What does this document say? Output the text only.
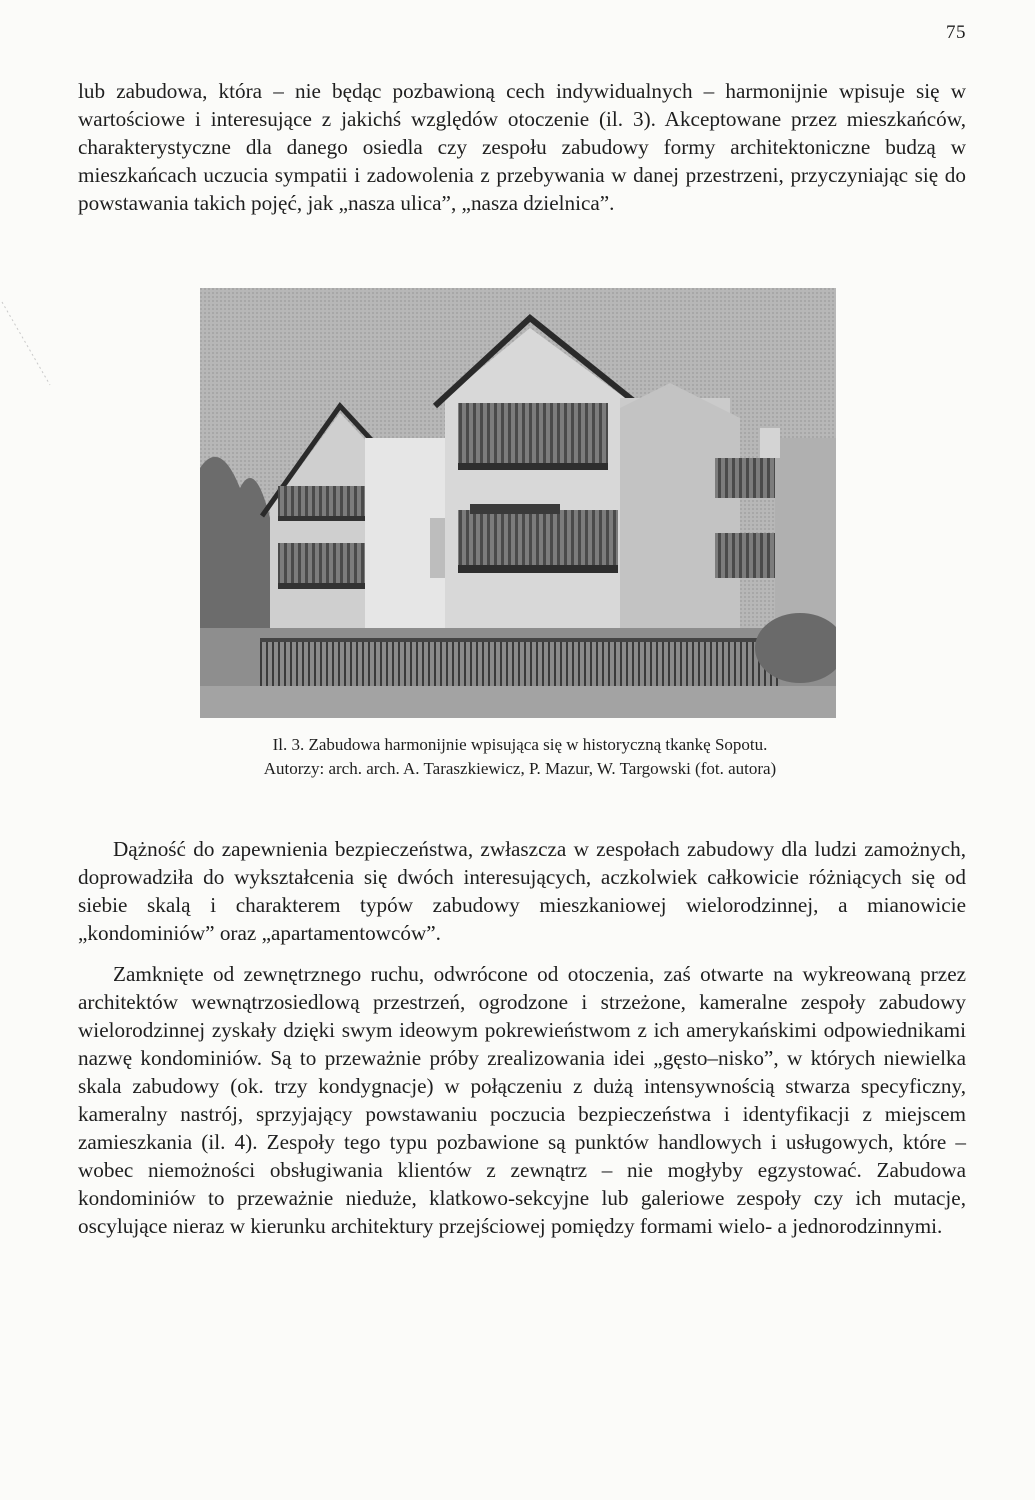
75

lub zabudowa, która – nie będąc pozbawioną cech indywidualnych – harmonijnie wpisuje się w wartościowe i interesujące z jakichś względów otoczenie (il. 3). Akceptowane przez mieszkańców, charakterystyczne dla danego osiedla czy zespołu zabudowy formy architektoniczne budzą w mieszkańcach uczucia sympatii i zadowolenia z przebywania w danej przestrzeni, przyczyniając się do powstawania takich pojęć, jak „nasza ulica”, „nasza dzielnica”.

Il. 3. Zabudowa harmonijnie wpisująca się w historyczną tkankę Sopotu.
Autorzy: arch. arch. A. Taraszkiewicz, P. Mazur, W. Targowski (fot. autora)

Dążność do zapewnienia bezpieczeństwa, zwłaszcza w zespołach zabudowy dla ludzi zamożnych, doprowadziła do wykształcenia się dwóch interesujących, aczkolwiek całkowicie różniących się od siebie skalą i charakterem typów zabudowy mieszkaniowej wielorodzinnej, a mianowicie „kondominiów” oraz „apartamentowców”.

Zamknięte od zewnętrznego ruchu, odwrócone od otoczenia, zaś otwarte na wykreowaną przez architektów wewnątrzosiedlową przestrzeń, ogrodzone i strzeżone, kameralne zespoły zabudowy wielorodzinnej zyskały dzięki swym ideowym pokrewieństwom z ich amerykańskimi odpowiednikami nazwę kondominiów. Są to przeważnie próby zrealizowania idei „gęsto–nisko”, w których niewielka skala zabudowy (ok. trzy kondygnacje) w połączeniu z dużą intensywnością stwarza specyficzny, kameralny nastrój, sprzyjający powstawaniu poczucia bezpieczeństwa i identyfikacji z miejscem zamieszkania (il. 4). Zespoły tego typu pozbawione są punktów handlowych i usługowych, które – wobec niemożności obsługiwania klientów z zewnątrz – nie mogłyby egzystować. Zabudowa kondominiów to przeważnie nieduże, klatkowo-sekcyjne lub galeriowe zespoły czy ich mutacje, oscylujące nieraz w kierunku architektury przejściowej pomiędzy formami wielo- a jednorodzinnymi.
